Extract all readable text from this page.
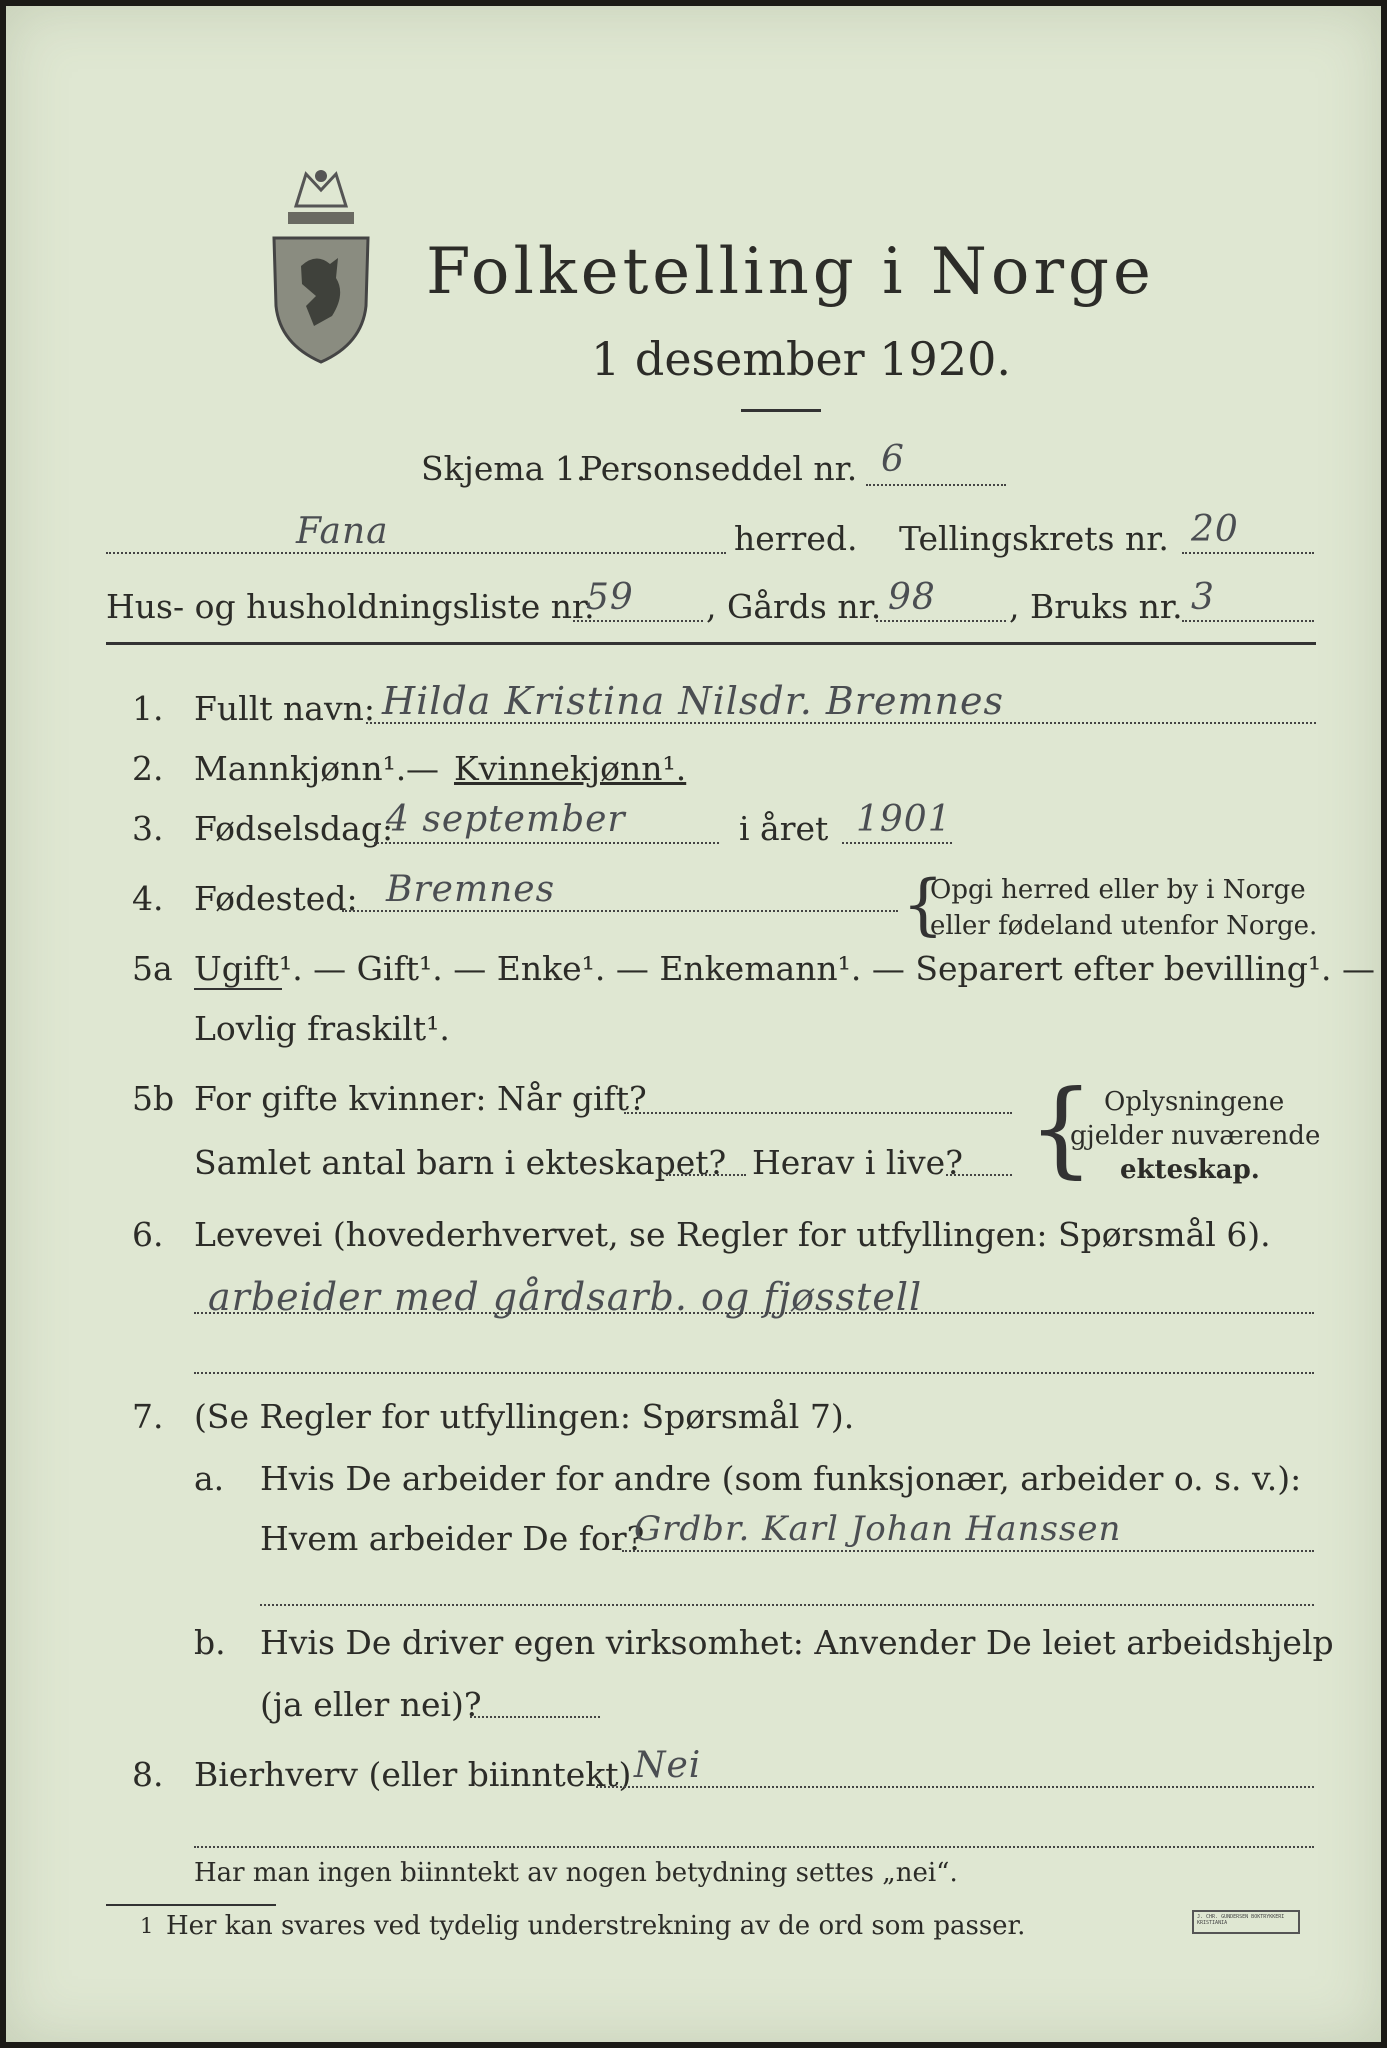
Folketelling i Norge
1 desember 1920.
Skjema 1.
Personseddel nr. 6
Fana	herred. Tellingskrets nr. 20
Hus- og husholdningsliste nr.
59 , Gårds nr. 98 , Bruks nr. 3
1. Fullt navn: Hilda Kristina Nilsdr. Bremnes
2. Mannkjønn¹. — Kvinnekjønn¹.
3. Fødselsdag:
4 september	i året 1901
4. Fødested: Bremnes	{
Opgi herred eller by i Norge
eller fødeland utenfor Norge.
5a Ugift¹. — Gift¹. — Enke¹. — Enkemann¹. — Separert efter bevilling¹. —
Lovlig fraskilt¹.
5b For gifte kvinner: Når gift?
Samlet antal barn i ekteskapet? Herav i live? { Oplysningene
gjelder nuværende
ekteskap.
6. Levevei (hovederhvervet, se Regler for utfyllingen: Spørsmål 6).
arbeider med gårdsarb. og fjøsstell
7. (Se Regler for utfyllingen: Spørsmål 7).
a. Hvis De arbeider for andre (som funksjonær, arbeider o. s. v.):
Hvem arbeider De for?
Grdbr. Karl Johan Hanssen
b. Hvis De driver egen virksomhet: Anvender De leiet arbeidshjelp
(ja eller nei)?
8. Bierhverv (eller biinntekt) Nei
Har man ingen biinntekt av nogen betydning settes „nei“.
1 Her kan svares ved tydelig understrekning av de ord som passer.	J. CHR. GUNDERSEN BOKTRYKKERI KRISTIANIA
